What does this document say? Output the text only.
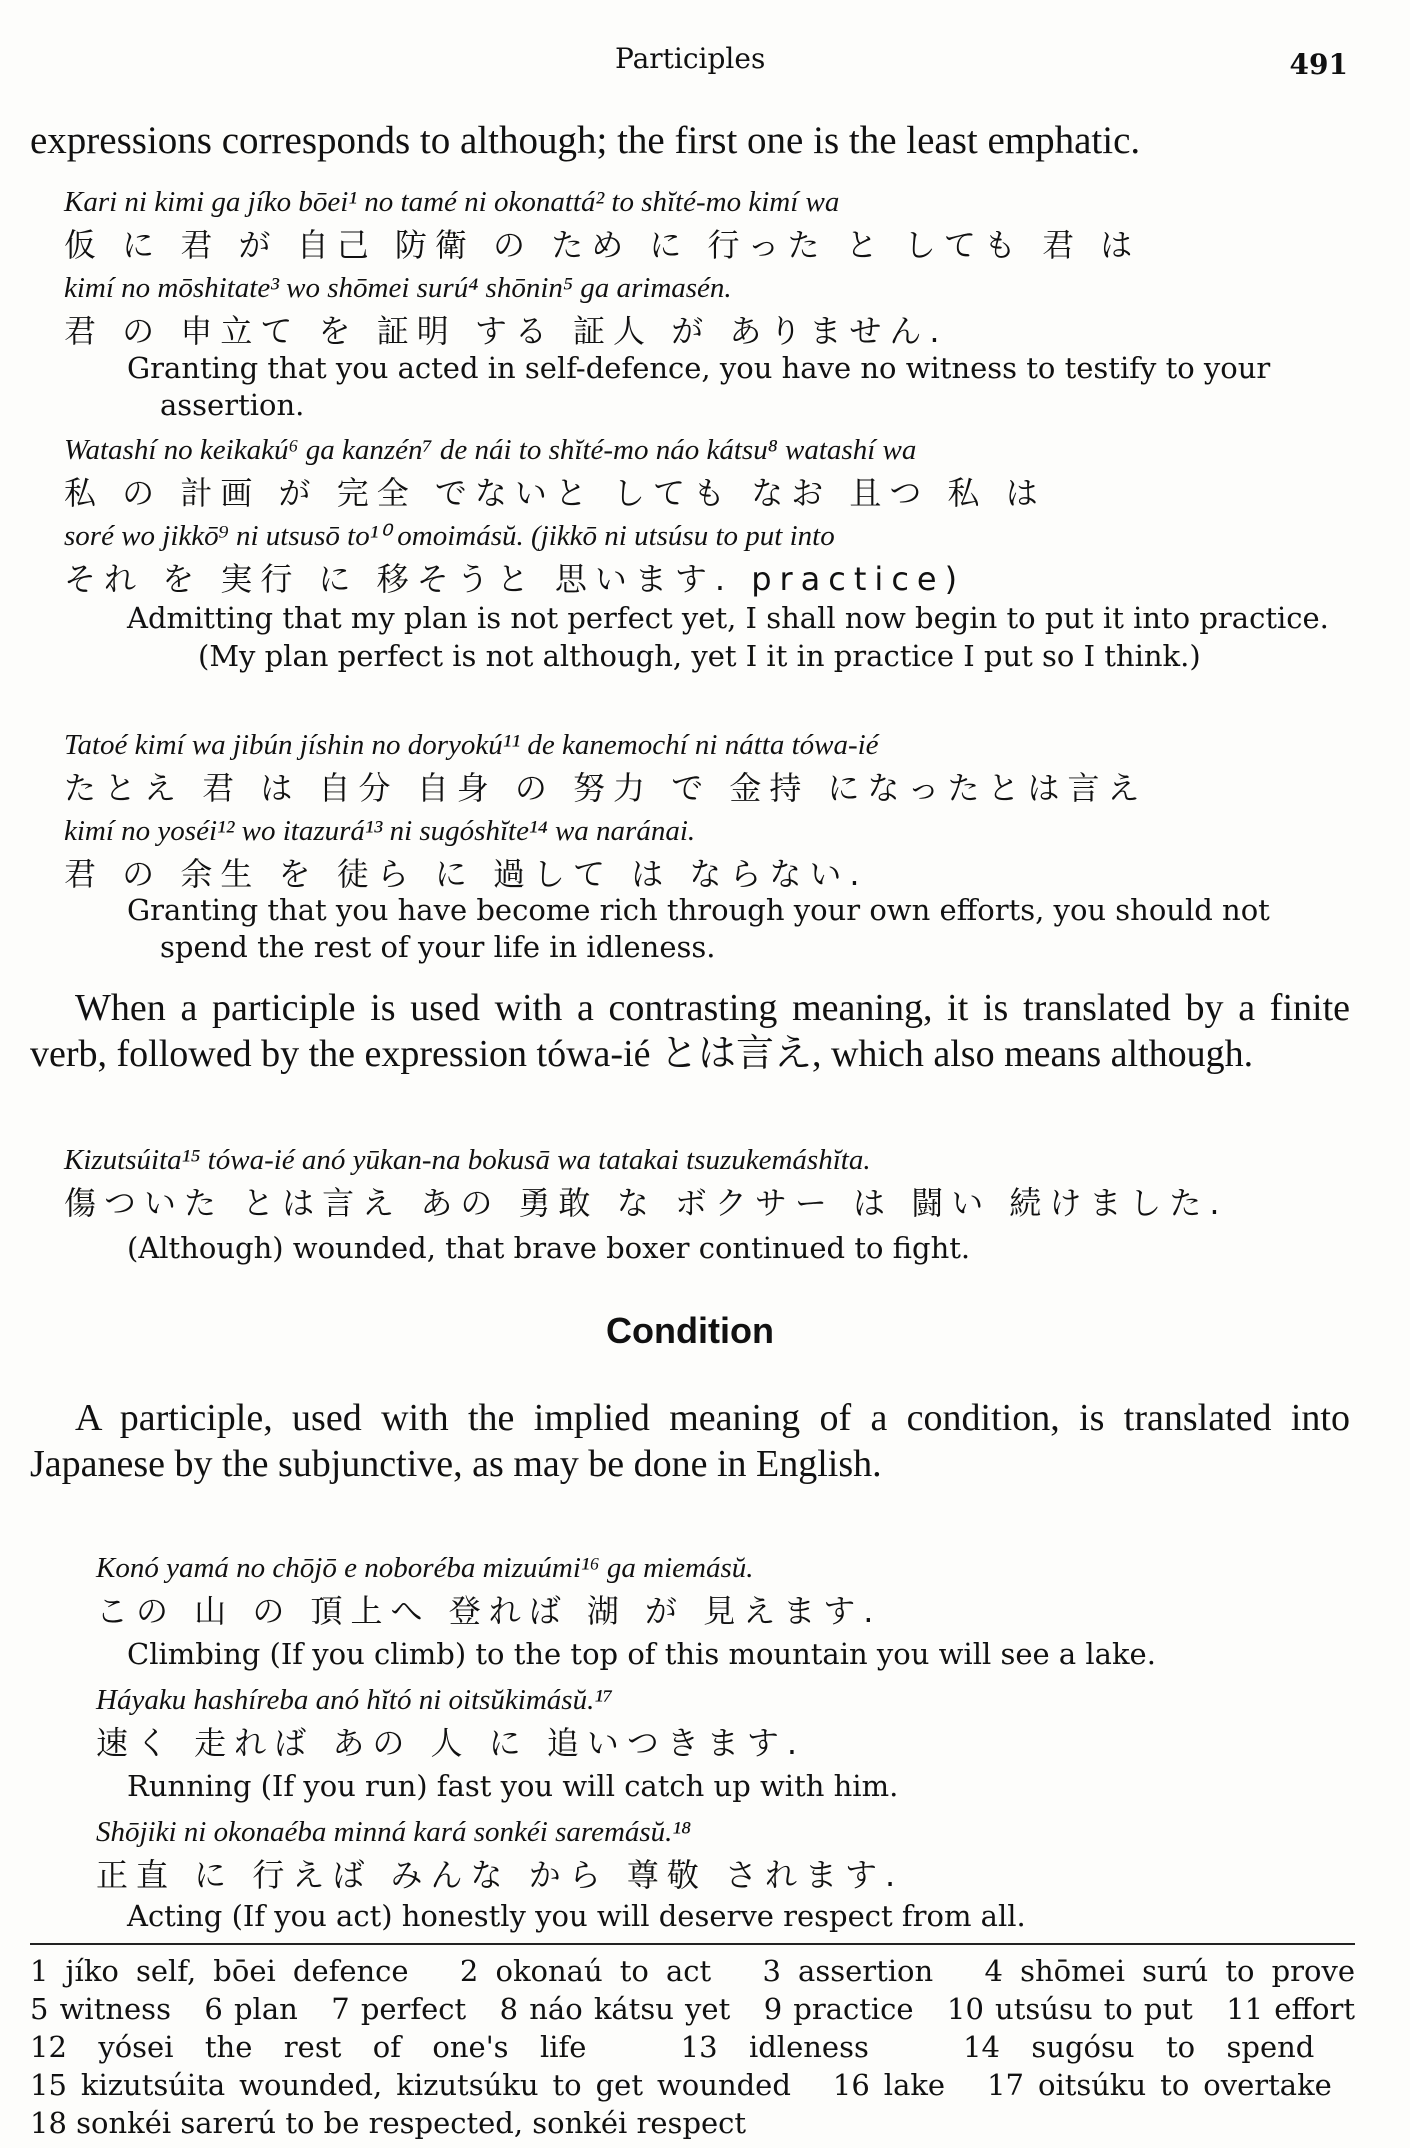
Participles	491

expressions corresponds to although; the first one is the least emphatic.

Kari ni kimi ga jíko bōei¹ no tamé ni okonattá² to shĭté-mo kimí wa
仮 に 君 が 自己 防衛 の ため に 行った と しても 君 は
kimí no mōshitate³ wo shōmei surú⁴ shōnin⁵ ga arimasén.
君 の 申立て を 証明 する 証人 が ありません.
Granting that you acted in self-defence, you have no witness to testify to your assertion.
Watashí no keikakú⁶ ga kanzén⁷ de nái to shĭté-mo náo kátsu⁸ watashí wa
私 の 計画 が 完全 でないと しても なお 且つ 私 は
soré wo jikkō⁹ ni utsusō to¹⁰ omoimásŭ. (jikkō ni utsúsu to put into
それ を 実行 に 移そうと 思います. practice)
Admitting that my plan is not perfect yet, I shall now begin to put it into practice.
(My plan perfect is not although, yet I it in practice I put so I think.)
Tatoé kimí wa jibún jíshin no doryokú¹¹ de kanemochí ni nátta tówa-ié
たとえ 君 は 自分 自身 の 努力 で 金持 になったとは言え
kimí no yoséi¹² wo itazurá¹³ ni sugóshĭte¹⁴ wa naránai.
君 の 余生 を 徒ら に 過して は ならない.
Granting that you have become rich through your own efforts, you should not spend the rest of your life in idleness.

When a participle is used with a contrasting meaning, it is translated by a finite verb, followed by the expression tówa-ié とは言え, which also means although.

Kizutsúita¹⁵ tówa-ié anó yūkan-na bokusā wa tatakai tsuzukemáshĭta.
傷ついた とは言え あの 勇敢 な ボクサー は 闘い 続けました.
(Although) wounded, that brave boxer continued to fight.
Condition

A participle, used with the implied meaning of a condition, is translated into Japanese by the subjunctive, as may be done in English.

Konó yamá no chōjō e noboréba mizuúmi¹⁶ ga miemásŭ.
この 山 の 頂上へ 登れば 湖 が 見えます.
Climbing (If you climb) to the top of this mountain you will see a lake.
Háyaku hashíreba anó hĭtó ni oitsŭkimásŭ.¹⁷
速く 走れば あの 人 に 追いつきます.
Running (If you run) fast you will catch up with him.
Shōjiki ni okonaéba minná kará sonkéi saremásŭ.¹⁸
正直 に 行えば みんな から 尊敬 されます.
Acting (If you act) honestly you will deserve respect from all.
1 jíko self, bōei defence 2 okonaú to act 3 assertion 4 shōmei surú to prove 5 witness 6 plan 7 perfect 8 náo kátsu yet 9 practice 10 utsúsu to put 11 effort 12 yósei the rest of one's life	13 idleness	14 sugósu to spend   15 kizutsúita wounded, kizutsúku to get wounded 16 lake 17 oitsúku to overtake   18 sonkéi sarerú to be respected, sonkéi respect
